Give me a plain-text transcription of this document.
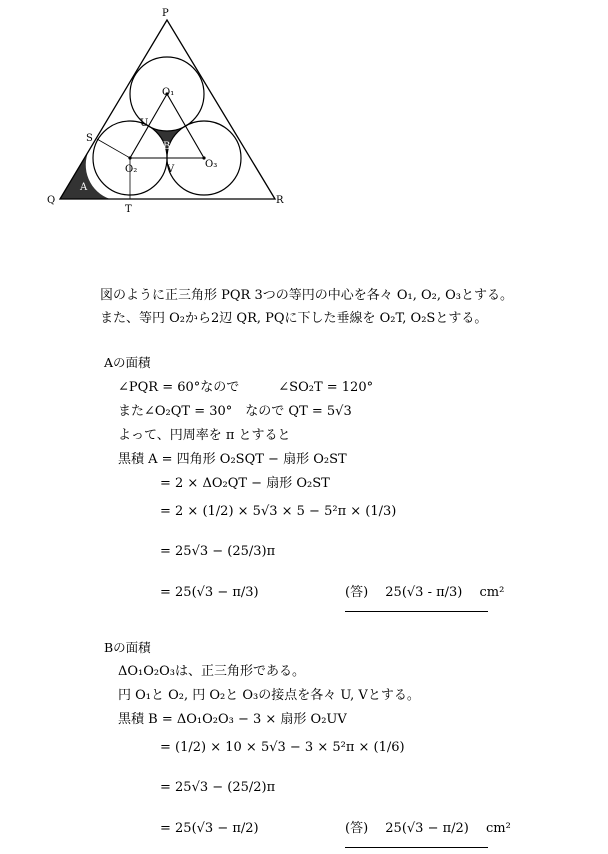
P
Q	R
S
T
U
V
O₁
O₂	O₃
A
B
図のように正三角形 PQR 3つの等円の中心を各々 O₁, O₂, O₃とする。
また、等円 O₂から2辺 QR, PQに下した垂線を O₂T, O₂Sとする。
Aの面積
∠PQR = 60°なので　　　∠SO₂T = 120°
また∠O₂QT = 30°　なので QT = 5√3
よって、円周率を π とすると
黒積 A = 四角形 O₂SQT − 扇形 O₂ST
= 2 × ΔO₂QT − 扇形 O₂ST
= 2 × (1/2) × 5√3 × 5 − 5²π × (1/3)
= 25√3 − (25/3)π
= 25(√3 − π/3)	(答)　 25(√3 - π/3)　 cm²
Bの面積
ΔO₁O₂O₃は、正三角形である。
円 O₁と O₂, 円 O₂と O₃の接点を各々 U, Vとする。
黒積 B = ΔO₁O₂O₃ − 3 × 扇形 O₂UV
= (1/2) × 10 × 5√3 − 3 × 5²π × (1/6)
= 25√3 − (25/2)π
= 25(√3 − π/2)	(答)　 25(√3 − π/2)　 cm²
